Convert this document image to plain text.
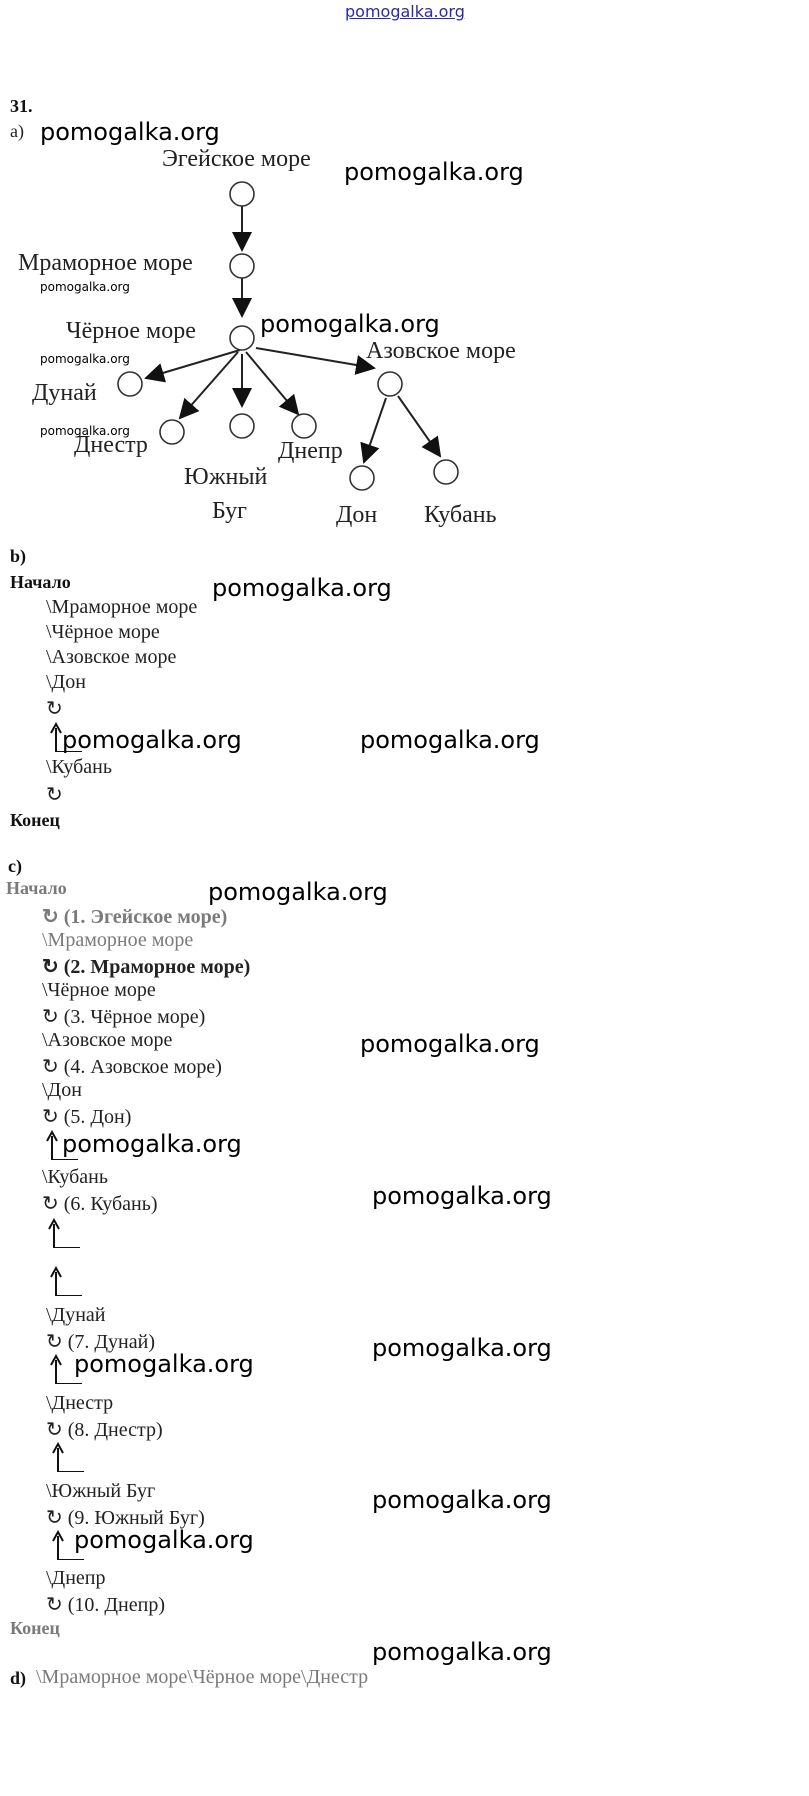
pomogalka.org
31.
a)
Эгейское море
Мраморное море
Чёрное море
Азовское море
Дунай
Днестр
Южный
Буг
Днепр
Дон Кубань
b)
Начало
\Мраморное море
\Чёрное море
\Азовское море
\Дон
↻
\Кубань
↻
Конец
c)
Начало
↻ (1. Эгейское море)
\Мраморное море
↻ (2. Мраморное море)
\Чёрное море
↻ (3. Чёрное море)
\Азовское море
↻ (4. Азовское море)
\Дон
↻ (5. Дон)
\Кубань
↻ (6. Кубань)
\Дунай
↻ (7. Дунай)
\Днестр
↻ (8. Днестр)
\Южный Буг
↻ (9. Южный Буг)
\Днепр
↻ (10. Днепр)
Конец
d) \Мраморное море\Чёрное море\Днестр
pomogalka.org
pomogalka.org
pomogalka.org
pomogalka.org
pomogalka.org
pomogalka.org
pomogalka.org
pomogalka.org	pomogalka.org
pomogalka.org
pomogalka.org
pomogalka.org
pomogalka.org
pomogalka.org
pomogalka.org
pomogalka.org
pomogalka.org
pomogalka.org
